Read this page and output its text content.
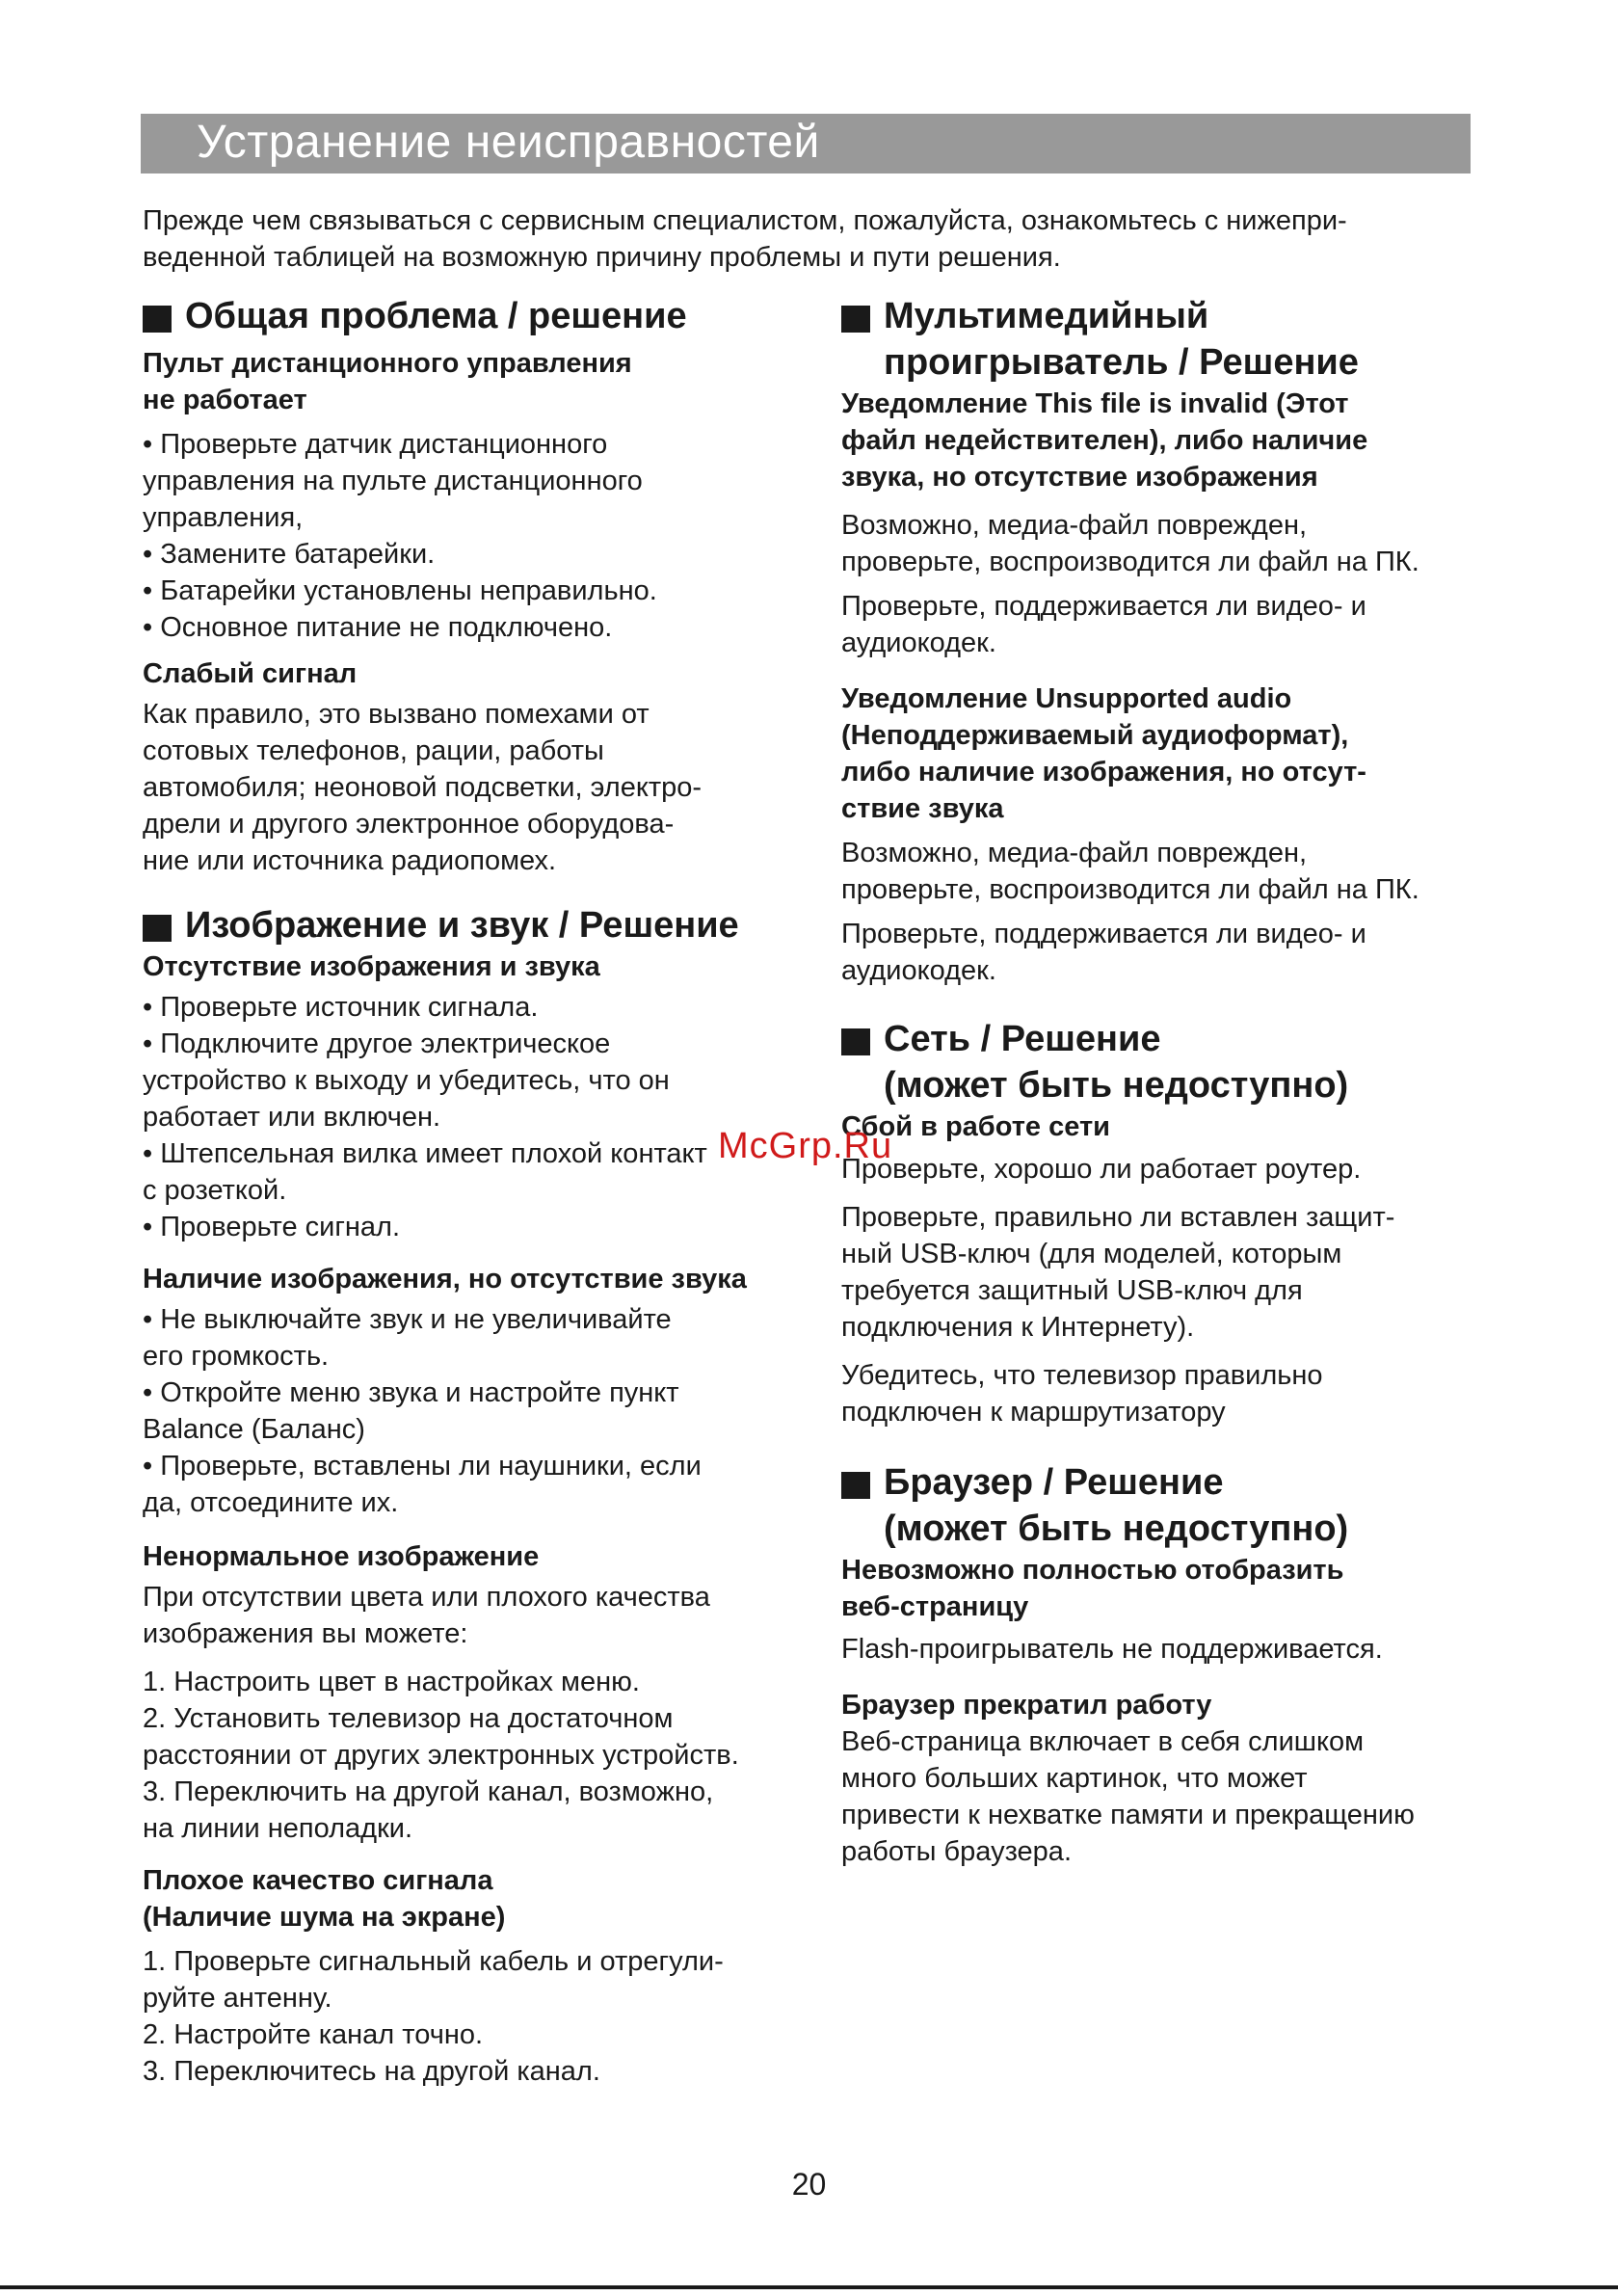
Устранение неисправностей
Прежде чем связываться с сервисным специалистом, пожалуйста, ознакомьтесь с нижепри-
веденной таблицей на возможную причину проблемы и пути решения.
Общая проблема / решение
Пульт дистанционного управления
не работает
• Проверьте датчик дистанционного
управления на пульте дистанционного
управления,
• Замените батарейки.
• Батарейки установлены неправильно.
• Основное питание не подключено.
Слабый сигнал
Как правило, это вызвано помехами от
сотовых телефонов, рации, работы
автомобиля; неоновой подсветки, электро-
дрели и другого электронное оборудова-
ние или источника радиопомех.
Изображение и звук / Решение
Отсутствие изображения и звука
• Проверьте источник сигнала.
• Подключите другое электрическое
устройство к выходу и убедитесь, что он
работает или включен.
• Штепсельная вилка имеет плохой контакт
с розеткой.
• Проверьте сигнал.
Наличие изображения, но отсутствие звука
• Не выключайте звук и не увеличивайте
его громкость.
• Откройте меню звука и настройте пункт
Balance (Баланс)
• Проверьте, вставлены ли наушники, если
да, отсоедините их.
Ненормальное изображение
При отсутствии цвета или плохого качества
изображения вы можете:
1. Настроить цвет в настройках меню.
2. Установить телевизор на достаточном
расстоянии от других электронных устройств.
3. Переключить на другой канал, возможно,
на линии неполадки.
Плохое качество сигнала
(Наличие шума на экране)
1. Проверьте сигнальный кабель и отрегули-
руйте антенну.
2. Настройте канал точно.
3. Переключитесь на другой канал.
Мультимедийный
проигрыватель / Решение
Уведомление This file is invalid (Этот
файл недействителен), либо наличие
звука, но отсутствие изображения
Возможно, медиа-файл поврежден,
проверьте, воспроизводится ли файл на ПК.
Проверьте, поддерживается ли видео- и
аудиокодек.
Уведомление Unsupported audio
(Неподдерживаемый аудиоформат),
либо наличие изображения, но отсут-
ствие звука
Возможно, медиа-файл поврежден,
проверьте, воспроизводится ли файл на ПК.
Проверьте, поддерживается ли видео- и
аудиокодек.
Сеть / Решение
(может быть недоступно)
Сбой в работе сети
Проверьте, хорошо ли работает роутер.
Проверьте, правильно ли вставлен защит-
ный USB-ключ (для моделей, которым
требуется защитный USB-ключ для
подключения к Интернету).
Убедитесь, что телевизор правильно
подключен к маршрутизатору
Браузер / Решение
(может быть недоступно)
Невозможно полностью отобразить
веб-страницу
Flash-проигрыватель не поддерживается.
Браузер прекратил работу
Веб-страница включает в себя слишком
много больших картинок, что может
привести к нехватке памяти и прекращению
работы браузера.
McGrp.Ru
20
